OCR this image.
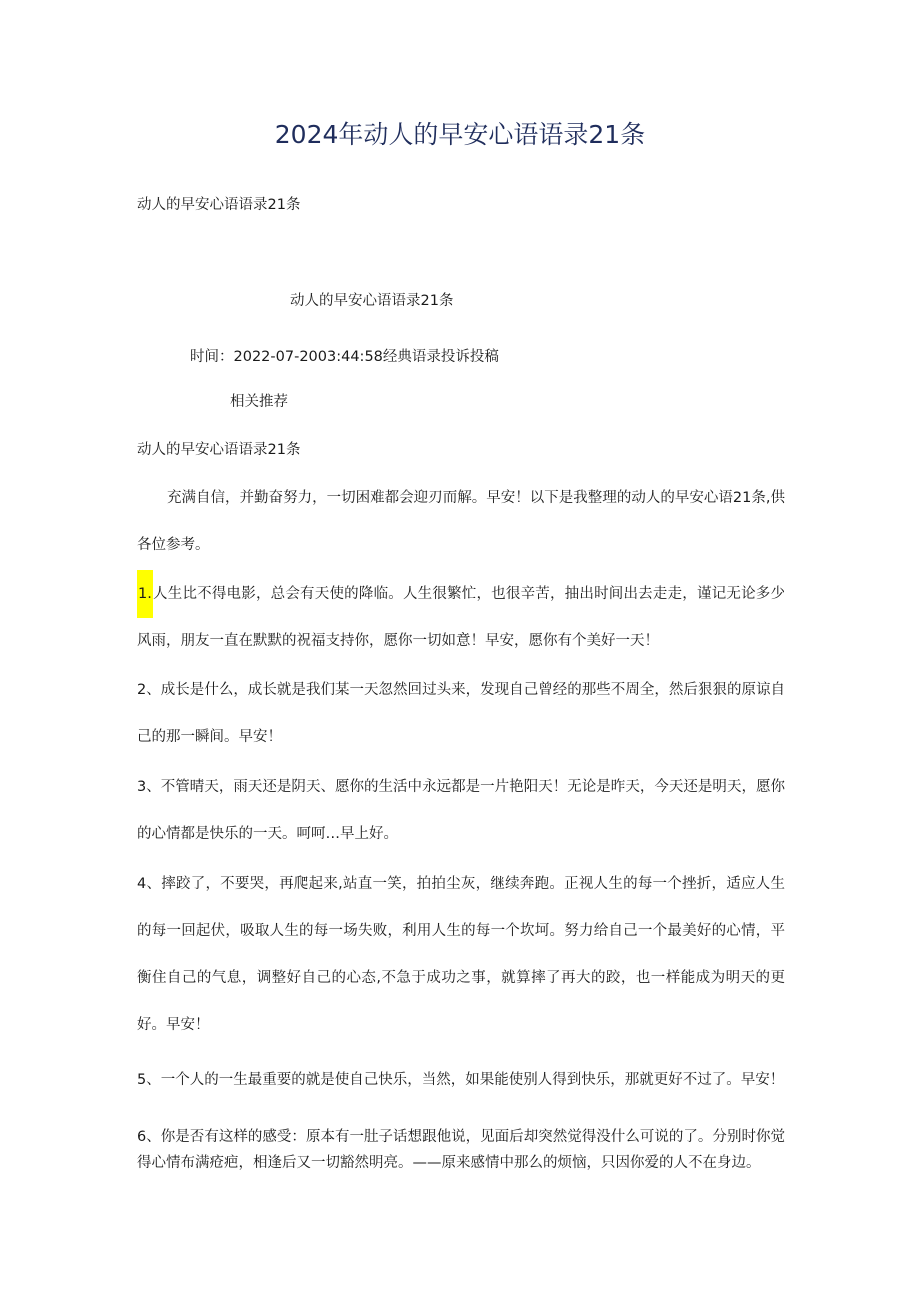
2024年动人的早安心语语录21条
动人的早安心语语录21条
动人的早安心语语录21条
时间：2022-07-2003:44:58经典语录投诉投稿
相关推荐
动人的早安心语语录21条

充满自信，并勤奋努力，一切困难都会迎刃而解。早安！以下是我整理的动人的早安心语21条,供各位参考。

1.人生比不得电影，总会有天使的降临。人生很繁忙，也很辛苦，抽出时间出去走走，谨记无论多少风雨，朋友一直在默默的祝福支持你，愿你一切如意！早安，愿你有个美好一天！

2、成长是什么，成长就是我们某一天忽然回过头来，发现自己曾经的那些不周全，然后狠狠的原谅自己的那一瞬间。早安！

3、不管晴天，雨天还是阴天、愿你的生活中永远都是一片艳阳天！无论是昨天，今天还是明天，愿你的心情都是快乐的一天。呵呵…早上好。

4、摔跤了，不要哭，再爬起来,站直一笑，拍拍尘灰，继续奔跑。正视人生的每一个挫折，适应人生的每一回起伏，吸取人生的每一场失败，利用人生的每一个坎坷。努力给自己一个最美好的心情，平衡住自己的气息，调整好自己的心态,不急于成功之事，就算摔了再大的跤，也一样能成为明天的更好。早安！

5、一个人的一生最重要的就是使自己快乐，当然，如果能使别人得到快乐，那就更好不过了。早安！

6、你是否有这样的感受：原本有一肚子话想跟他说，见面后却突然觉得没什么可说的了。分别时你觉得心情布满疮疤，相逢后又一切豁然明亮。——原来感情中那么的烦恼，只因你爱的人不在身边。
